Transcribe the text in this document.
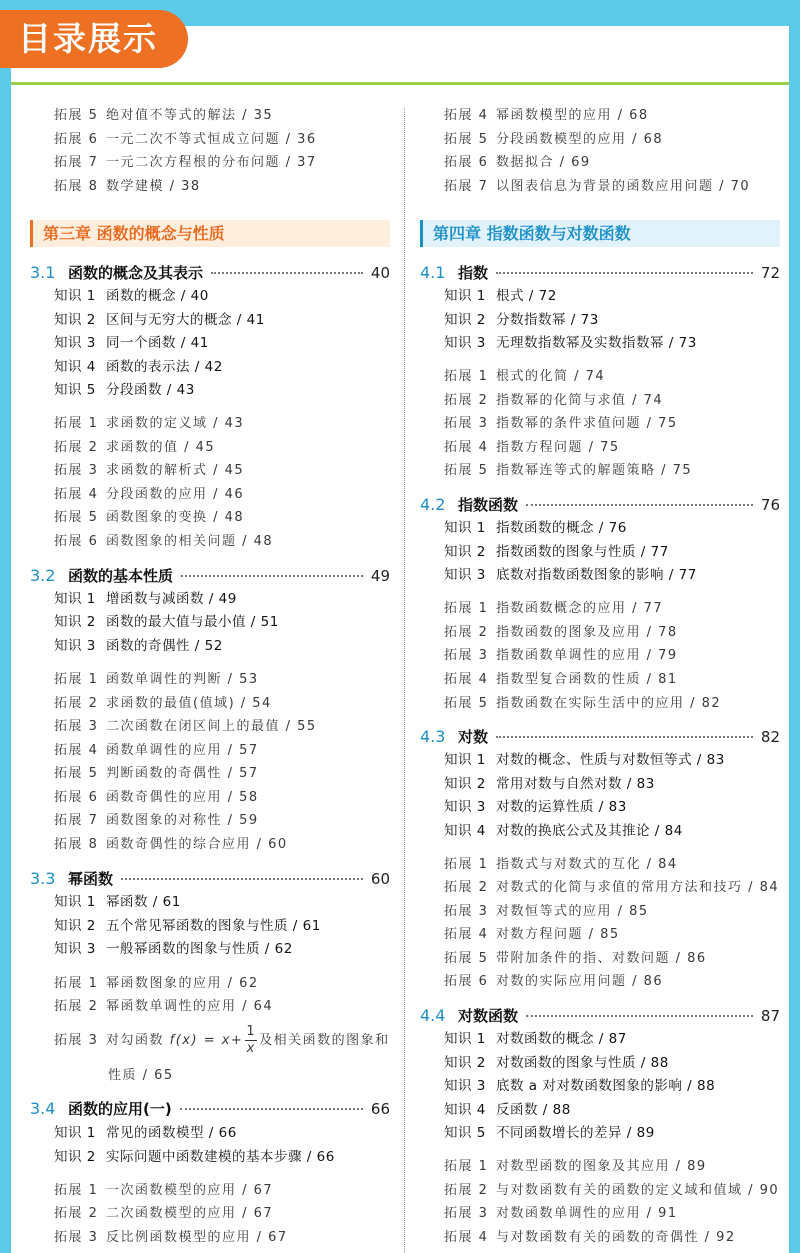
目录展示
拓展 5 绝对值不等式的解法 / 35
拓展 6 一元二次不等式恒成立问题 / 36
拓展 7 一元二次方程根的分布问题 / 37
拓展 8 数学建模 / 38
第三章 函数的概念与性质
3.1 函数的概念及其表示	40
知识 1 函数的概念 / 40
知识 2 区间与无穷大的概念 / 41
知识 3 同一个函数 / 41
知识 4 函数的表示法 / 42
知识 5 分段函数 / 43
拓展 1 求函数的定义域 / 43
拓展 2 求函数的值 / 45
拓展 3 求函数的解析式 / 45
拓展 4 分段函数的应用 / 46
拓展 5 函数图象的变换 / 48
拓展 6 函数图象的相关问题 / 48
3.2 函数的基本性质	49
知识 1 增函数与减函数 / 49
知识 2 函数的最大值与最小值 / 51
知识 3 函数的奇偶性 / 52
拓展 1 函数单调性的判断 / 53
拓展 2 求函数的最值(值域) / 54
拓展 3 二次函数在闭区间上的最值 / 55
拓展 4 函数单调性的应用 / 57
拓展 5 判断函数的奇偶性 / 57
拓展 6 函数奇偶性的应用 / 58
拓展 7 函数图象的对称性 / 59
拓展 8 函数奇偶性的综合应用 / 60
3.3 幂函数	60
知识 1 幂函数 / 61
知识 2 五个常见幂函数的图象与性质 / 61
知识 3 一般幂函数的图象与性质 / 62
拓展 1 幂函数图象的应用 / 62
拓展 2 幂函数单调性的应用 / 64
拓展 3 对勾函数 $f(x) = x+ \frac{1}{x}$ 及相关函数的图象和
性质 / 65
3.4 函数的应用(一)	66
知识 1 常见的函数模型 / 66
知识 2 实际问题中函数建模的基本步骤 / 66
拓展 1 一次函数模型的应用 / 67
拓展 2 二次函数模型的应用 / 67
拓展 3 反比例函数模型的应用 / 67
拓展 4 幂函数模型的应用 / 68
拓展 5 分段函数模型的应用 / 68
拓展 6 数据拟合 / 69
拓展 7 以图表信息为背景的函数应用问题 / 70
第四章 指数函数与对数函数
4.1 指数	72
知识 1 根式 / 72
知识 2 分数指数幂 / 73
知识 3 无理数指数幂及实数指数幂 / 73
拓展 1 根式的化简 / 74
拓展 2 指数幂的化简与求值 / 74
拓展 3 指数幂的条件求值问题 / 75
拓展 4 指数方程问题 / 75
拓展 5 指数幂连等式的解题策略 / 75
4.2 指数函数	76
知识 1 指数函数的概念 / 76
知识 2 指数函数的图象与性质 / 77
知识 3 底数对指数函数图象的影响 / 77
拓展 1 指数函数概念的应用 / 77
拓展 2 指数函数的图象及应用 / 78
拓展 3 指数函数单调性的应用 / 79
拓展 4 指数型复合函数的性质 / 81
拓展 5 指数函数在实际生活中的应用 / 82
4.3 对数	82
知识 1 对数的概念、性质与对数恒等式 / 83
知识 2 常用对数与自然对数 / 83
知识 3 对数的运算性质 / 83
知识 4 对数的换底公式及其推论 / 84
拓展 1 指数式与对数式的互化 / 84
拓展 2 对数式的化简与求值的常用方法和技巧 / 84
拓展 3 对数恒等式的应用 / 85
拓展 4 对数方程问题 / 85
拓展 5 带附加条件的指、对数问题 / 86
拓展 6 对数的实际应用问题 / 86
4.4 对数函数	87
知识 1 对数函数的概念 / 87
知识 2 对数函数的图象与性质 / 88
知识 3 底数 a 对对数函数图象的影响 / 88
知识 4 反函数 / 88
知识 5 不同函数增长的差异 / 89
拓展 1 对数型函数的图象及其应用 / 89
拓展 2 与对数函数有关的函数的定义域和值域 / 90
拓展 3 对数函数单调性的应用 / 91
拓展 4 与对数函数有关的函数的奇偶性 / 92
